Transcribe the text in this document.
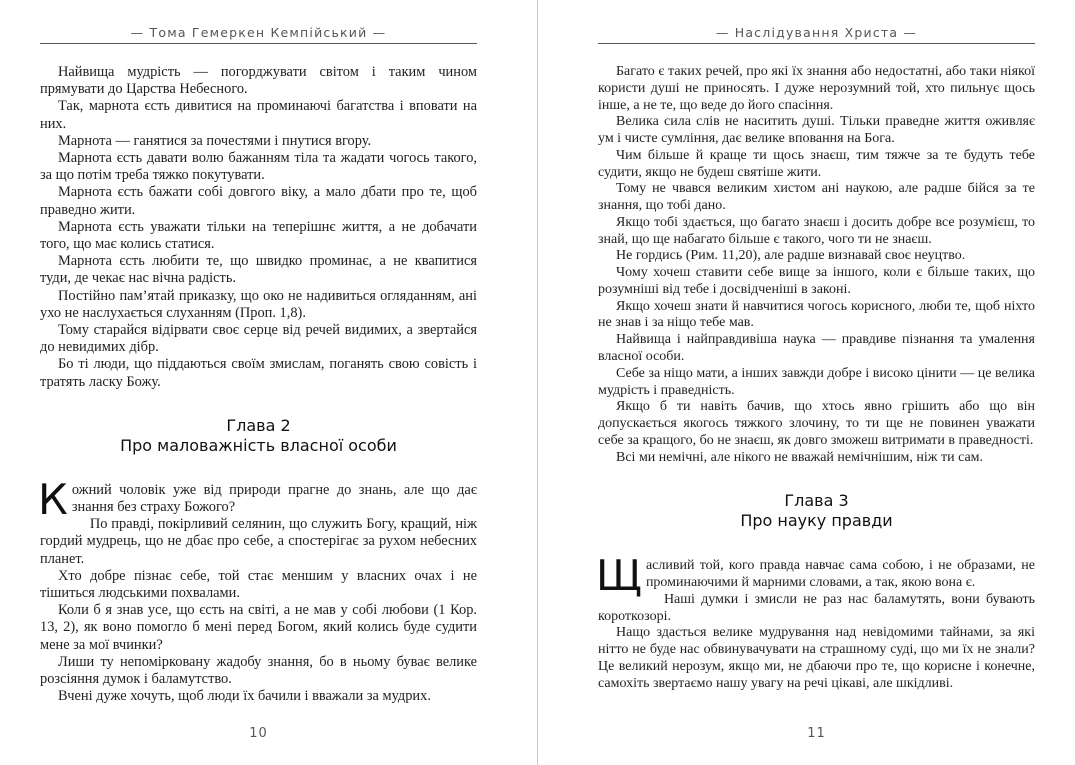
— Тома Гемеркен Кемпійський —

Найвища мудрість — погорджувати світом і таким чином прямувати до Царства Небесного.

Так, марнота єсть дивитися на проминаючі багатства і вповати на них.

Марнота — ганятися за почестями і пнутися вгору.

Марнота єсть давати волю бажанням тіла та жадати чогось такого, за що потім треба тяжко покутувати.

Марнота єсть бажати собі довгого віку, а мало дбати про те, щоб праведно жити.

Марнота єсть уважати тільки на теперішнє життя, а не добачати того, що має колись статися.

Марнота єсть любити те, що швидко проминає, а не квапитися туди, де чекає нас вічна радість.

Постійно пам’ятай приказку, що око не надивиться огляданням, ані ухо не наслухається слуханням (Проп. 1,8).

Тому старайся відірвати своє серце від речей видимих, а звертайся до невидимих дібр.

Бо ті люди, що піддаються своїм змислам, поганять свою совість і тратять ласку Божу.

Глава 2
Про маловажність власної особи

Кожний чоловік уже від природи прагне до знань, але що дає знання без страху Божого?

По правді, покірливий селянин, що служить Богу, кращий, ніж гордий мудрець, що не дбає про себе, а спостерігає за рухом небесних планет.

Хто добре пізнає себе, той стає меншим у власних очах і не тішиться людськими похвалами.

Коли б я знав усе, що єсть на світі, а не мав у собі любови (1 Кор. 13, 2), як воно помогло б мені перед Богом, який колись буде судити мене за мої вчинки?

Лиши ту непомірковану жадобу знання, бо в ньому буває велике розсіяння думок і баламутство.

Вчені дуже хочуть, щоб люди їх бачили і вважали за мудрих.

10
— Наслідування Христа —

Багато є таких речей, про які їх знання або недостатні, або таки ніякої користи душі не приносять. І дуже нерозумний той, хто пильнує щось інше, а не те, що веде до його спасіння.

Велика сила слів не наситить душі. Тільки праведне життя оживляє ум і чисте сумління, дає велике вповання на Бога.

Чим більше й краще ти щось знаєш, тим тяжче за те будуть тебе судити, якщо не будеш святіше жити.

Тому не чвався великим хистом ані наукою, але радше бійся за те знання, що тобі дано.

Якщо тобі здається, що багато знаєш і досить добре все розумієш, то знай, що ще набагато більше є такого, чого ти не знаєш.

Не гордись (Рим. 11,20), але радше визнавай своє неуцтво.

Чому хочеш ставити себе вище за іншого, коли є більше таких, що розумніші від тебе і досвідченіші в законі.

Якщо хочеш знати й навчитися чогось корисного, люби те, щоб ніхто не знав і за ніщо тебе мав.

Найвища і найправдивіша наука — правдиве пізнання та умалення власної особи.

Себе за ніщо мати, а інших завжди добре і високо цінити — це велика мудрість і праведність.

Якщо б ти навіть бачив, що хтось явно грішить або що він допускається якогось тяжкого злочину, то ти ще не повинен уважати себе за кращого, бо не знаєш, як довго зможеш витримати в праведності.

Всі ми немічні, але нікого не вважай немічнішим, ніж ти сам.

Глава 3
Про науку правди

Щасливий той, кого правда навчає сама собою, і не образами, не проминаючими й марними словами, а так, якою вона є.

Наші думки і змисли не раз нас баламутять, вони бувають короткозорі.

Нащо здасться велике мудрування над невідомими тайнами, за які нітто не буде нас обвинувачувати на страшному суді, що ми їх не знали? Це великий нерозум, якщо ми, не дбаючи про те, що корисне і конечне, самохіть звертаємо нашу увагу на речі цікаві, але шкідливі.

11
